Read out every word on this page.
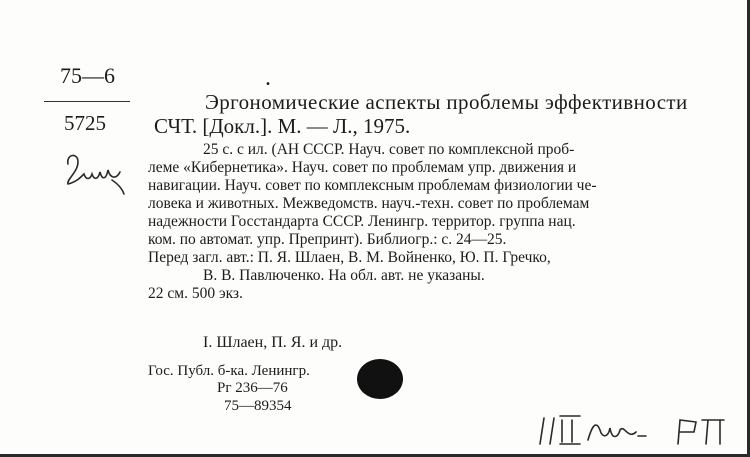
75—6
5725
.
Эргономические аспекты проблемы эффективности
СЧТ. [Докл.]. М. — Л., 1975.
25 с. с ил. (АН СССР. Науч. совет по комплексной проб-
леме «Кибернетика». Науч. совет по проблемам упр. движения и
навигации. Науч. совет по комплексным проблемам физиологии че-
ловека и животных. Межведомств. науч.-техн. совет по проблемам
надежности Госстандарта СССР. Ленингр. территор. группа нац.
ком. по автомат. упр. Препринт). Библиогр.: с. 24—25.
Перед загл. авт.: П. Я. Шлаен, В. М. Войненко, Ю. П. Гречко,
В. В. Павлюченко. На обл. авт. не указаны.
22 см. 500 экз.
I. Шлаен, П. Я. и др.
Гос. Публ. б-ка. Ленингр.
Рг 236—76
75—89354
